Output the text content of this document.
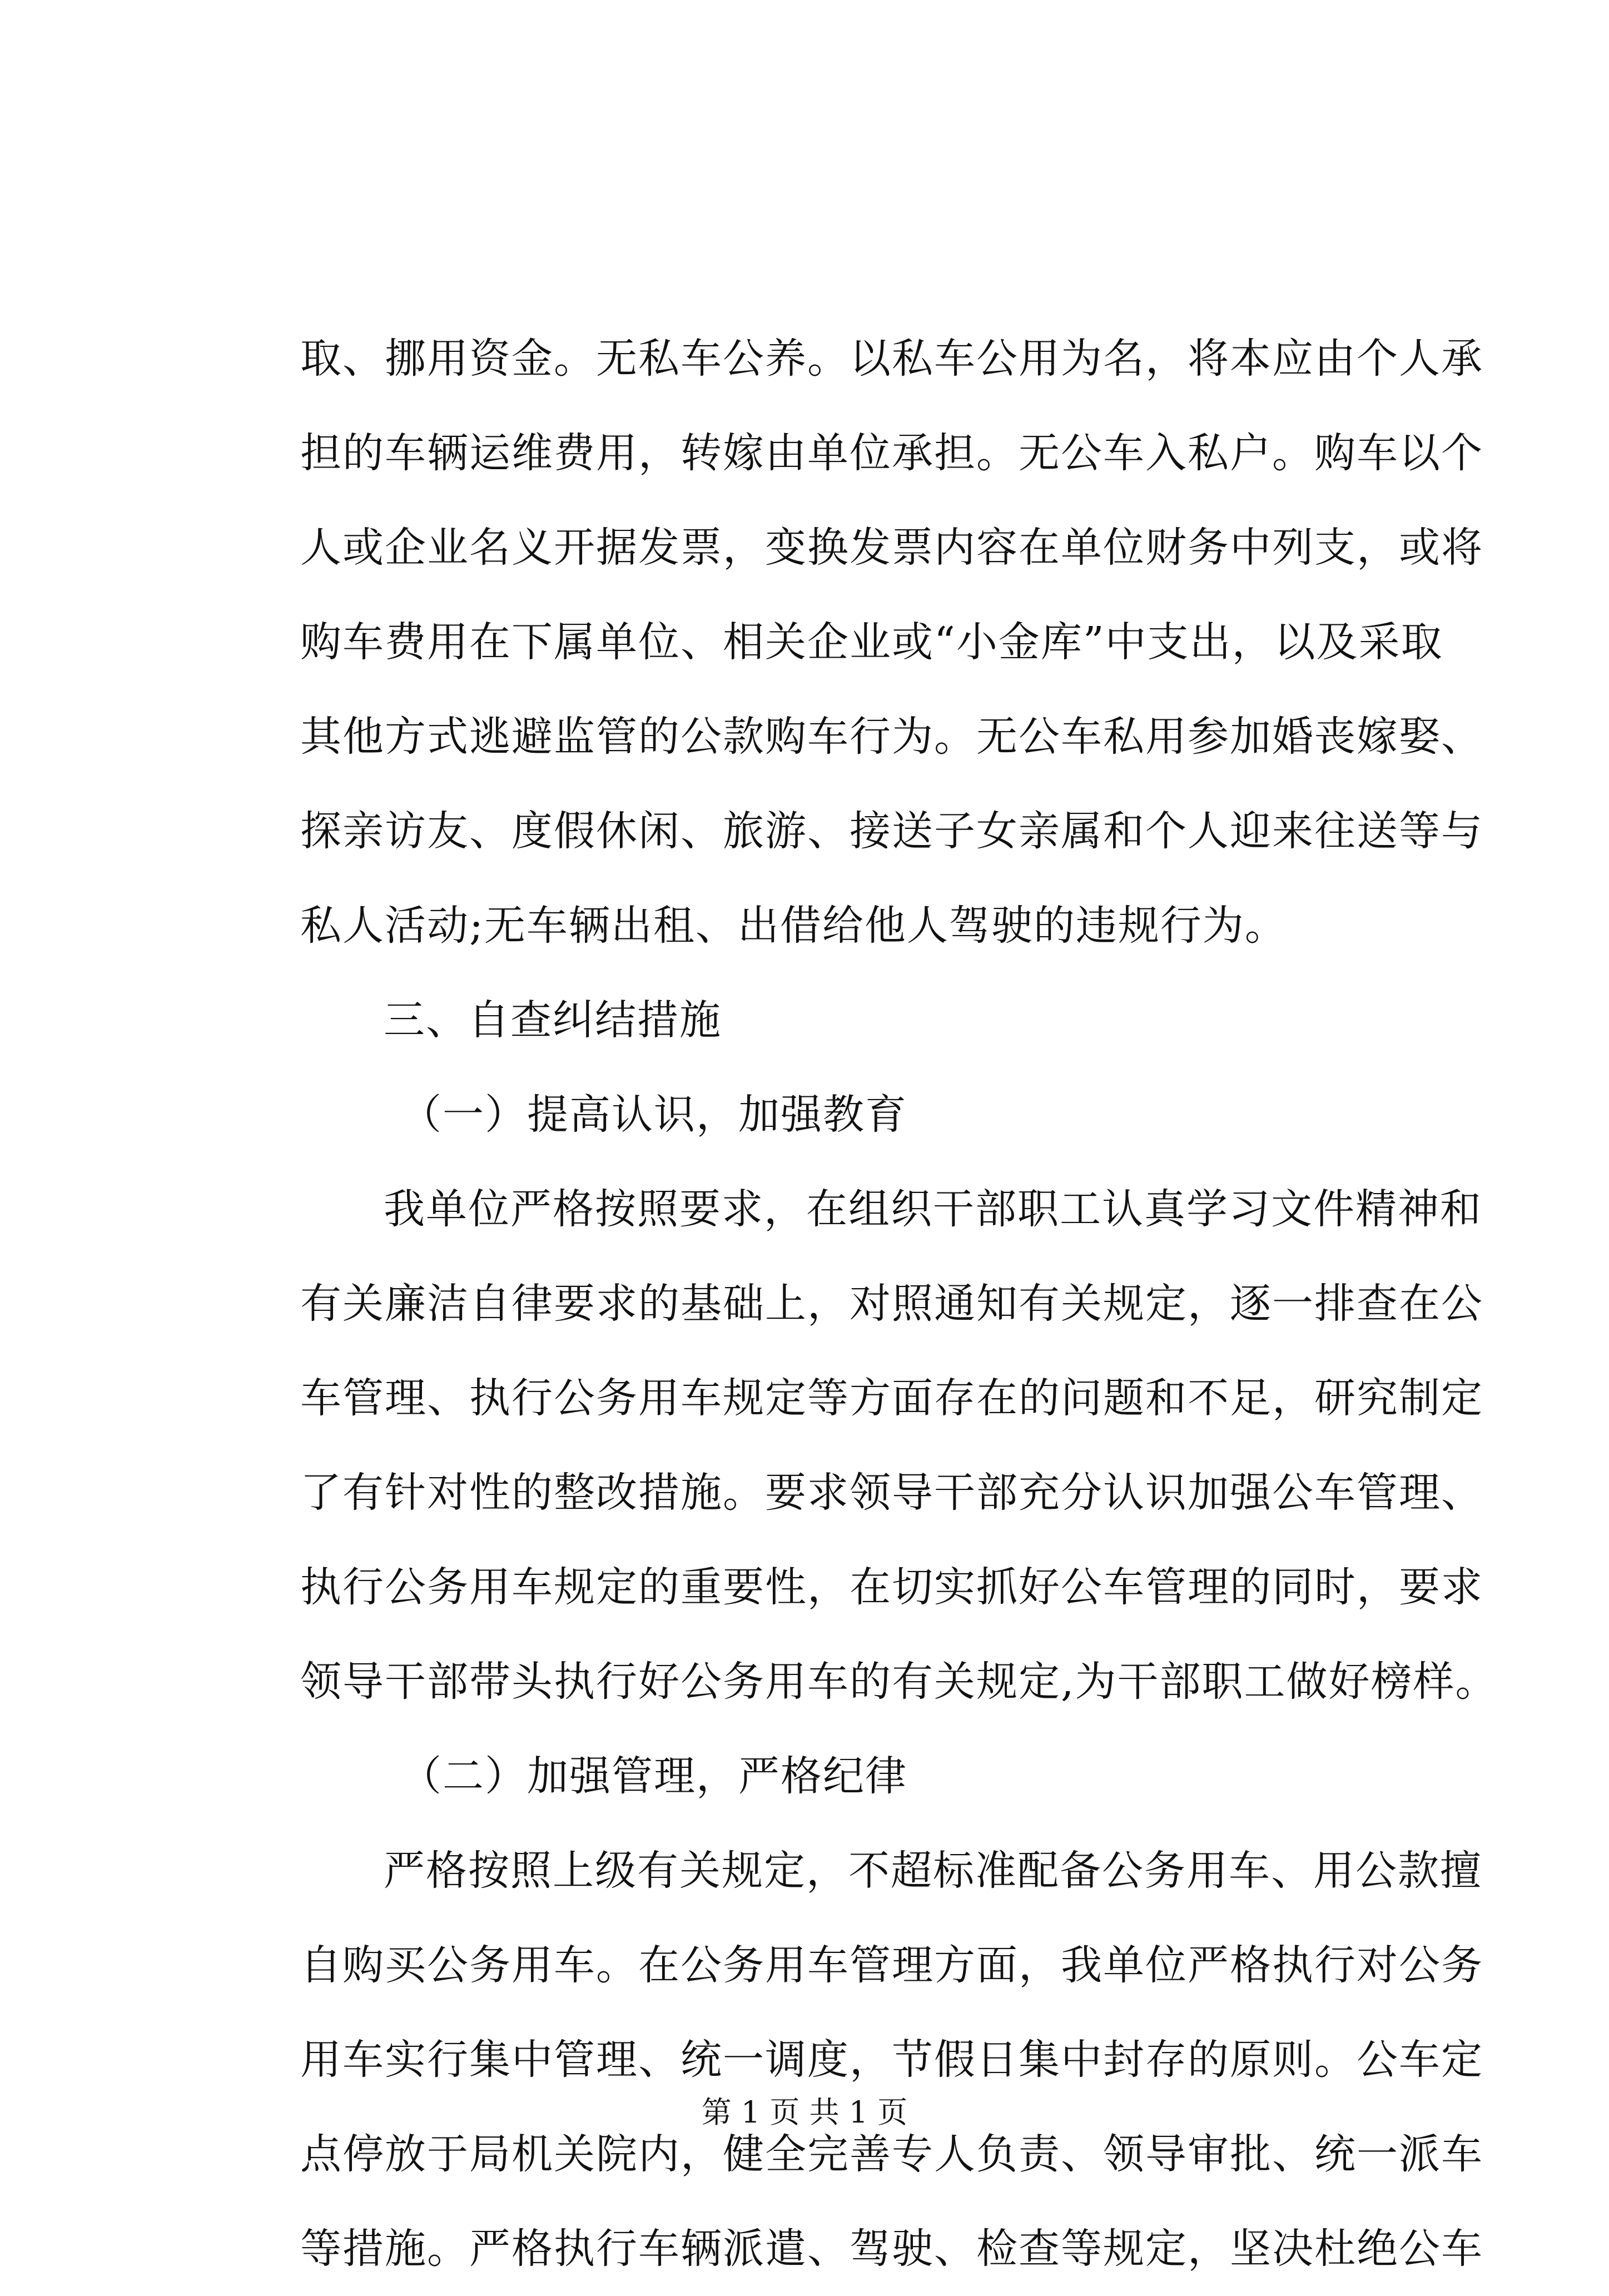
取、挪用资金。无私车公养。以私车公用为名，将本应由个人承
担的车辆运维费用，转嫁由单位承担。无公车入私户。购车以个
人或企业名义开据发票，变换发票内容在单位财务中列支，或将
购车费用在下属单位、相关企业或“小金库”中支出，以及采取
其他方式逃避监管的公款购车行为。无公车私用参加婚丧嫁娶、
探亲访友、度假休闲、旅游、接送子女亲属和个人迎来往送等与
私人活动;无车辆出租、出借给他人驾驶的违规行为。
三、自查纠结措施
（一）提高认识，加强教育
我单位严格按照要求，在组织干部职工认真学习文件精神和
有关廉洁自律要求的基础上，对照通知有关规定，逐一排查在公
车管理、执行公务用车规定等方面存在的问题和不足，研究制定
了有针对性的整改措施。要求领导干部充分认识加强公车管理、
执行公务用车规定的重要性，在切实抓好公车管理的同时，要求
领导干部带头执行好公务用车的有关规定,为干部职工做好榜样。
（二）加强管理，严格纪律
严格按照上级有关规定，不超标准配备公务用车、用公款擅
自购买公务用车。在公务用车管理方面，我单位严格执行对公务
用车实行集中管理、统一调度，节假日集中封存的原则。公车定
点停放于局机关院内，健全完善专人负责、领导审批、统一派车
等措施。严格执行车辆派遣、驾驶、检查等规定，坚决杜绝公车
第 1 页 共 1 页
